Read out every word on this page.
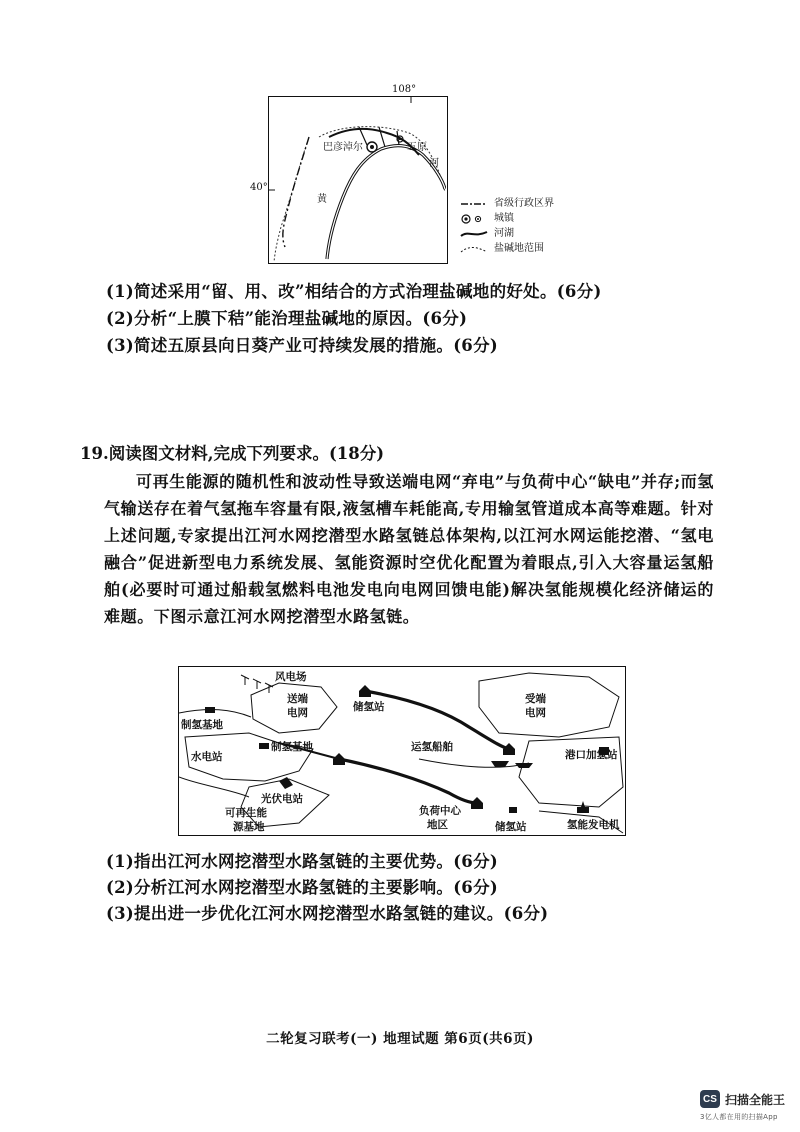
108°
40°
巴彦淖尔	五原
河
黄	省级行政区界
城镇
河湖
盐碱地范围
(1)简述采用“留、用、改”相结合的方式治理盐碱地的好处。(6分)
(2)分析“上膜下秸”能治理盐碱地的原因。(6分)
(3)简述五原县向日葵产业可持续发展的措施。(6分)
19.阅读图文材料,完成下列要求。(18分)
可再生能源的随机性和波动性导致送端电网“弃电”与负荷中心“缺电”并存;而氢气输送存在着气氢拖车容量有限,液氢槽车耗能高,专用输氢管道成本高等难题。针对上述问题,专家提出江河水网挖潜型水路氢链总体架构,以江河水网运能挖潜、“氢电融合”促进新型电力系统发展、氢能资源时空优化配置为着眼点,引入大容量运氢船舶(必要时可通过船载氢燃料电池发电向电网回馈电能)解决氢能规模化经济储运的难题。下图示意江河水网挖潜型水路氢链。
风电场
送端
电网	储氢站
受端
电网
制氢基地
制氢基地
水电站
运氢船舶
港口加氢站
光伏电站
可再生能
源基地
负荷中心
地区	储氢站	氢能发电机
(1)指出江河水网挖潜型水路氢链的主要优势。(6分)
(2)分析江河水网挖潜型水路氢链的主要影响。(6分)
(3)提出进一步优化江河水网挖潜型水路氢链的建议。(6分)
二轮复习联考(一) 地理试题 第6页(共6页)
CS 扫描全能王
3亿人都在用的扫描App
